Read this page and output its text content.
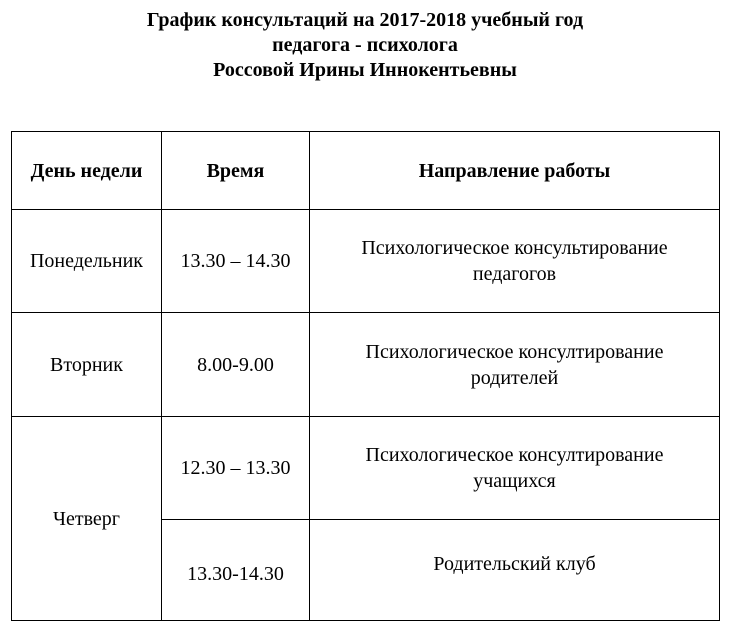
График консультаций на 2017-2018 учебный год
педагога - психолога
Россовой Ирины Иннокентьевны
День недели	Время	Направление работы
Понедельник	13.30 – 14.30	Психологическое консультирование
педагогов

Вторник	8.00-9.00	Психологическое консултирование
родителей

Четверг	12.30 – 13.30	Психологическое консултирование
учащихся

	13.30-14.30	Родительский клуб
